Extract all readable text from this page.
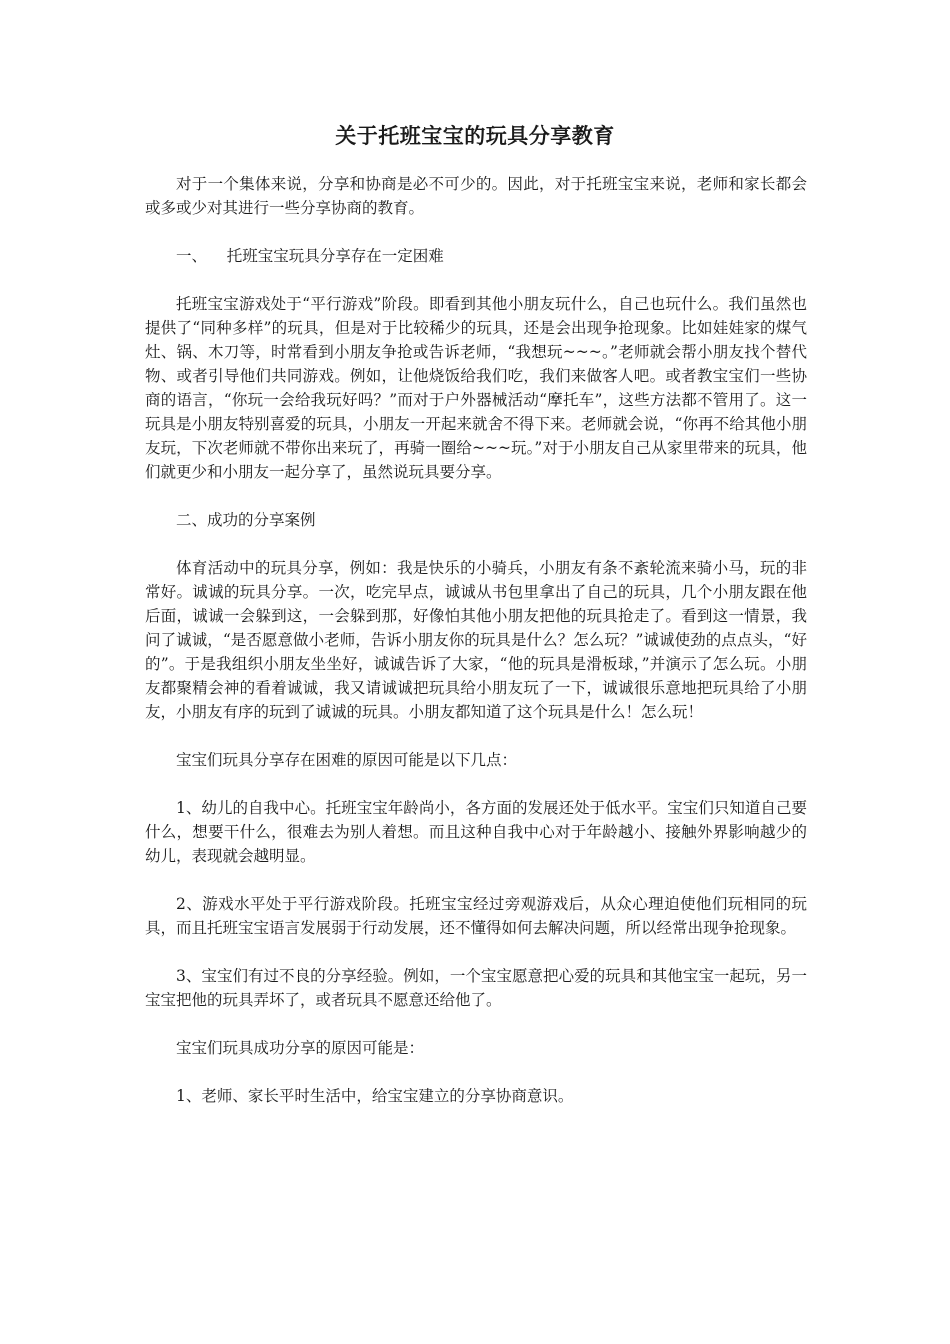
关于托班宝宝的玩具分享教育

对于一个集体来说，分享和协商是必不可少的。因此，对于托班宝宝来说，老师和家长都会或多或少对其进行一些分享协商的教育。

一、    托班宝宝玩具分享存在一定困难

托班宝宝游戏处于“平行游戏”阶段。即看到其他小朋友玩什么，自己也玩什么。我们虽然也提供了“同种多样”的玩具，但是对于比较稀少的玩具，还是会出现争抢现象。比如娃娃家的煤气灶、锅、木刀等，时常看到小朋友争抢或告诉老师，“我想玩~~~。”老师就会帮小朋友找个替代物、或者引导他们共同游戏。例如，让他烧饭给我们吃，我们来做客人吧。或者教宝宝们一些协商的语言，“你玩一会给我玩好吗？”而对于户外器械活动“摩托车”，这些方法都不管用了。这一玩具是小朋友特别喜爱的玩具，小朋友一开起来就舍不得下来。老师就会说，“你再不给其他小朋友玩，下次老师就不带你出来玩了，再骑一圈给~~~玩。”对于小朋友自己从家里带来的玩具，他们就更少和小朋友一起分享了，虽然说玩具要分享。

二、成功的分享案例

体育活动中的玩具分享，例如：我是快乐的小骑兵，小朋友有条不紊轮流来骑小马，玩的非常好。诚诚的玩具分享。一次，吃完早点，诚诚从书包里拿出了自己的玩具，几个小朋友跟在他后面，诚诚一会躲到这，一会躲到那，好像怕其他小朋友把他的玩具抢走了。看到这一情景，我问了诚诚，“是否愿意做小老师，告诉小朋友你的玩具是什么？怎么玩？”诚诚使劲的点点头，“好的”。于是我组织小朋友坐坐好，诚诚告诉了大家，“他的玩具是滑板球，”并演示了怎么玩。小朋友都聚精会神的看着诚诚，我又请诚诚把玩具给小朋友玩了一下，诚诚很乐意地把玩具给了小朋友，小朋友有序的玩到了诚诚的玩具。小朋友都知道了这个玩具是什么！怎么玩！

宝宝们玩具分享存在困难的原因可能是以下几点：

1、幼儿的自我中心。托班宝宝年龄尚小，各方面的发展还处于低水平。宝宝们只知道自己要什么，想要干什么，很难去为别人着想。而且这种自我中心对于年龄越小、接触外界影响越少的幼儿，表现就会越明显。

2、游戏水平处于平行游戏阶段。托班宝宝经过旁观游戏后，从众心理迫使他们玩相同的玩具，而且托班宝宝语言发展弱于行动发展，还不懂得如何去解决问题，所以经常出现争抢现象。

3、宝宝们有过不良的分享经验。例如，一个宝宝愿意把心爱的玩具和其他宝宝一起玩，另一宝宝把他的玩具弄坏了，或者玩具不愿意还给他了。

宝宝们玩具成功分享的原因可能是：

1、老师、家长平时生活中，给宝宝建立的分享协商意识。
